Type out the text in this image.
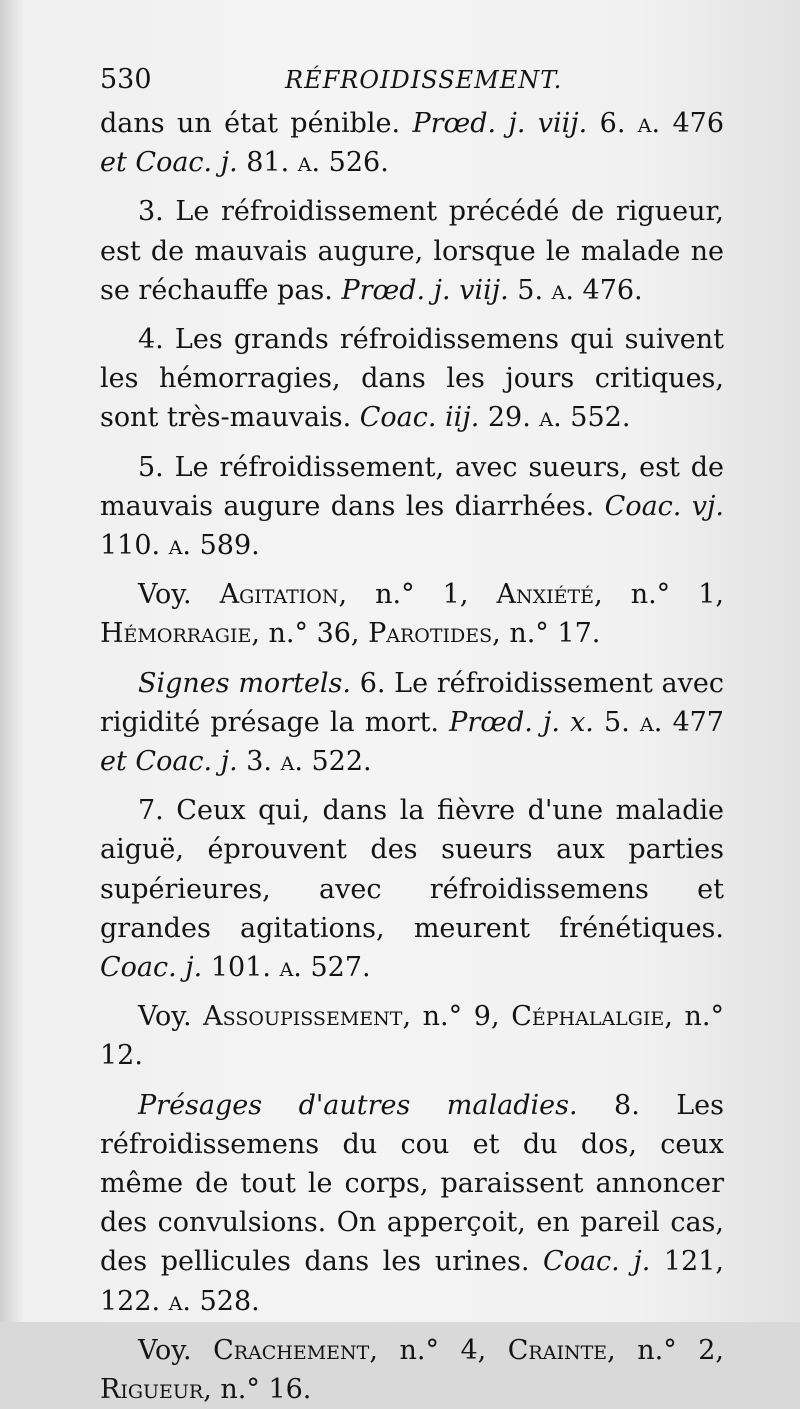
530	RÉFROIDISSEMENT.

dans un état pénible. Prœd. j. viij. 6. a. 476 et Coac. j. 81. a. 526.

3. Le réfroidissement précédé de rigueur, est de mauvais augure, lorsque le malade ne se réchauffe pas. Prœd. j. viij. 5. a. 476.

4. Les grands réfroidissemens qui suivent les hémorragies, dans les jours critiques, sont très-mauvais. Coac. iij. 29. a. 552.

5. Le réfroidissement, avec sueurs, est de mauvais augure dans les diarrhées. Coac. vj. 110. a. 589.

Voy. Agitation, n.° 1, Anxiété, n.° 1, Hémorragie, n.° 36, Parotides, n.° 17.

Signes mortels. 6. Le réfroidissement avec rigidité présage la mort. Prœd. j. x. 5. a. 477 et Coac. j. 3. a. 522.

7. Ceux qui, dans la fièvre d'une maladie aiguë, éprouvent des sueurs aux parties supérieures, avec réfroidissemens et grandes agitations, meurent frénétiques. Coac. j. 101. a. 527.

Voy. Assoupissement, n.° 9, Céphalalgie, n.° 12.

Présages d'autres maladies. 8. Les réfroidissemens du cou et du dos, ceux même de tout le corps, paraissent annoncer des convulsions. On apperçoit, en pareil cas, des pellicules dans les urines. Coac. j. 121, 122. a. 528.

Voy. Crachement, n.° 4, Crainte, n.° 2, Rigueur, n.° 16.
